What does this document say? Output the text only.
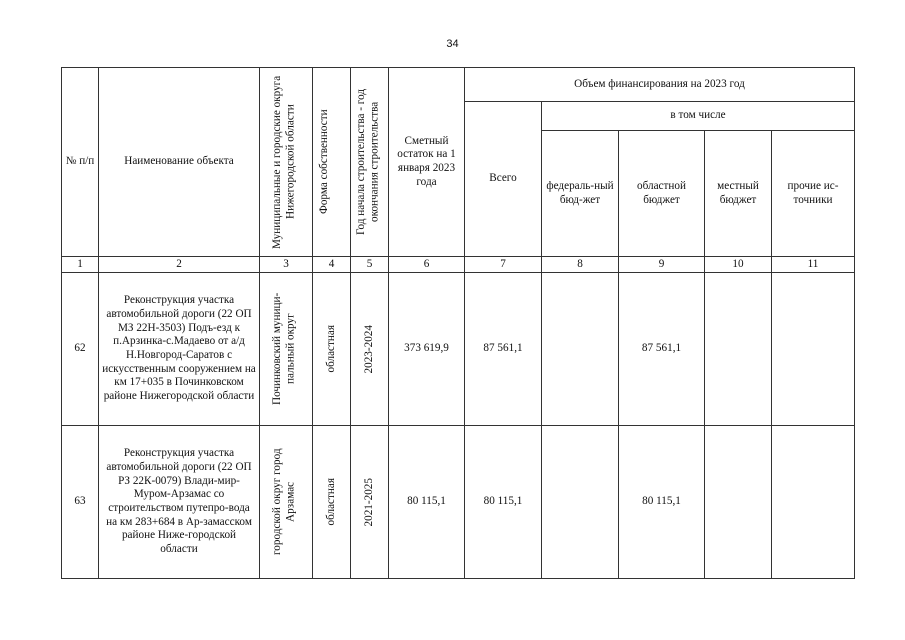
34
№ п/п	Наименование объекта	Муниципальные и городские округа Нижегородской области	Форма собственности	Год начала строительства - год окончания строительства	Сметный остаток на 1 января 2023 года	Объем финансирования на 2023 год				
						Всего	в том числе			
							федераль-ный бюд-жет	областной бюджет	местный бюджет	прочие ис-точники
1	2	3	4	5	6	7	8	9	10	11
62	Реконструкция участка автомобильной дороги (22 ОП МЗ 22Н-3503) Подъ-езд к п.Арзинка-с.Мадаево от а/д Н.Новгород-Саратов с искусственным сооружением на км 17+035 в Починковском районе Нижегородской области	Починковский муници-пальный округ	областная	2023-2024	373 619,9	87 561,1		87 561,1		
63	Реконструкция участка автомобильной дороги (22 ОП РЗ 22К-0079) Влади-мир-Муром-Арзамас со строительством путепро-вода на км 283+684 в Ар-замасском районе Ниже-городской области	городской округ город Арзамас	областная	2021-2025	80 115,1	80 115,1		80 115,1		
